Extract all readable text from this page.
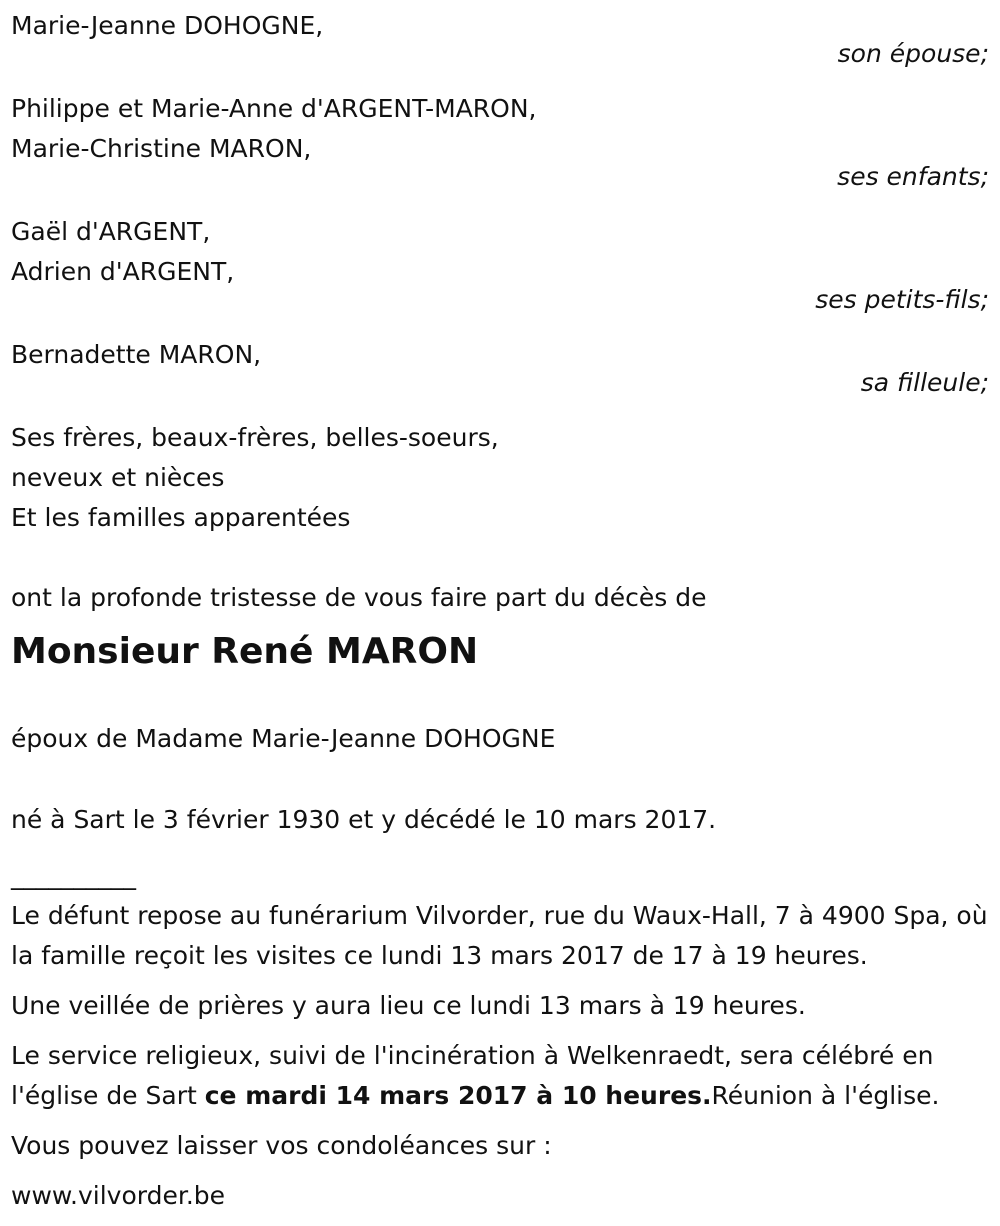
Marie-Jeanne DOHOGNE,
son épouse;
Philippe et Marie-Anne d'ARGENT-MARON,
Marie-Christine MARON,
ses enfants;
Gaël d'ARGENT,
Adrien d'ARGENT,
ses petits-fils;
Bernadette MARON,
sa filleule;
Ses frères, beaux-frères, belles-soeurs,
neveux et nièces
Et les familles apparentées
ont la profonde tristesse de vous faire part du décès de
Monsieur René MARON
époux de Madame Marie-Jeanne DOHOGNE
né à Sart le 3 février 1930 et y décédé le 10 mars 2017.
__________
Le défunt repose au funérarium Vilvorder, rue du Waux-Hall, 7 à 4900 Spa, où la famille reçoit les visites ce lundi 13 mars 2017 de 17 à 19 heures.
Une veillée de prières y aura lieu ce lundi 13 mars à 19 heures.
Le service religieux, suivi de l'incinération à Welkenraedt, sera célébré en l'église de Sart ce mardi 14 mars 2017 à 10 heures.Réunion à l'église.
Vous pouvez laisser vos condoléances sur :
www.vilvorder.be
